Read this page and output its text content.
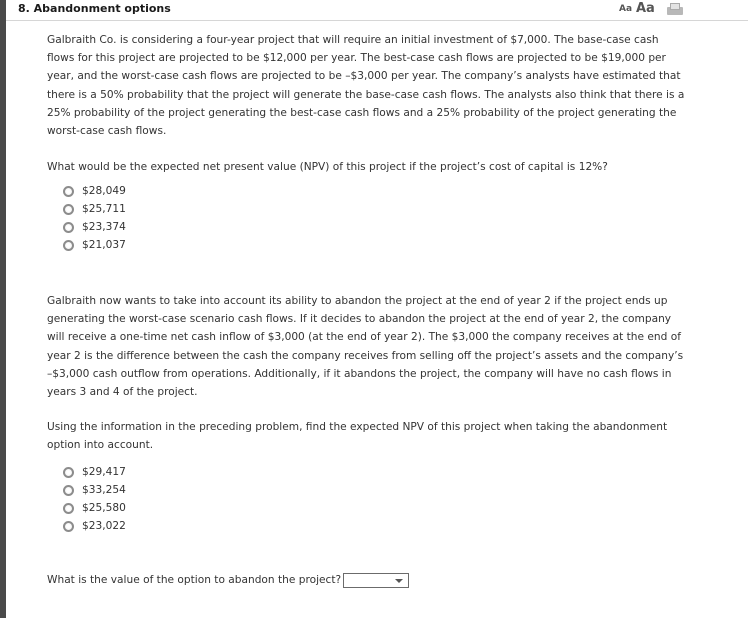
8. Abandonment options	Aa Aa

Galbraith Co. is considering a four-year project that will require an initial investment of $7,000. The base-case cash flows for this project are projected to be $12,000 per year. The best-case cash flows are projected to be $19,000 per year, and the worst-case cash flows are projected to be –$3,000 per year. The company’s analysts have estimated that there is a 50% probability that the project will generate the base-case cash flows. The analysts also think that there is a 25% probability of the project generating the best-case cash flows and a 25% probability of the project generating the worst-case cash flows.

What would be the expected net present value (NPV) of this project if the project’s cost of capital is 12%?

$28,049
$25,711
$23,374
$21,037

Galbraith now wants to take into account its ability to abandon the project at the end of year 2 if the project ends up generating the worst-case scenario cash flows. If it decides to abandon the project at the end of year 2, the company will receive a one-time net cash inflow of $3,000 (at the end of year 2). The $3,000 the company receives at the end of year 2 is the difference between the cash the company receives from selling off the project’s assets and the company’s –$3,000 cash outflow from operations. Additionally, if it abandons the project, the company will have no cash flows in years 3 and 4 of the project.

Using the information in the preceding problem, find the expected NPV of this project when taking the abandonment option into account.

$29,417
$33,254
$25,580
$23,022
What is the value of the option to abandon the project?
